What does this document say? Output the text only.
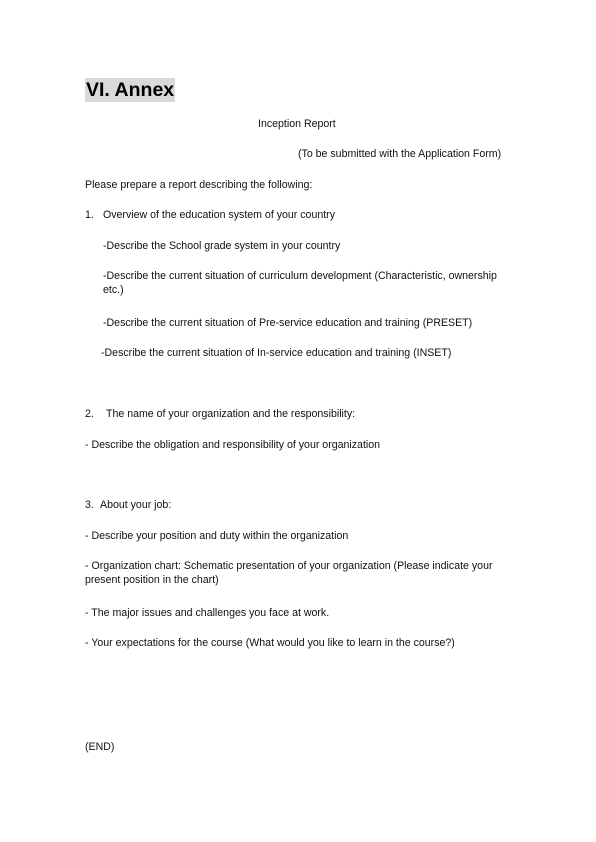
VI. Annex
Inception Report
(To be submitted with the Application Form)
Please prepare a report describing the following:
1. Overview of the education system of your country
-Describe the School grade system in your country
-Describe the current situation of curriculum development (Characteristic, ownership etc.)
-Describe the current situation of Pre-service education and training (PRESET)
-Describe the current situation of In-service education and training (INSET)
2. The name of your organization and the responsibility:
- Describe the obligation and responsibility of your organization
3. About your job:
- Describe your position and duty within the organization
- Organization chart: Schematic presentation of your organization (Please indicate your present position in the chart)
- The major issues and challenges you face at work.
- Your expectations for the course (What would you like to learn in the course?)
(END)
